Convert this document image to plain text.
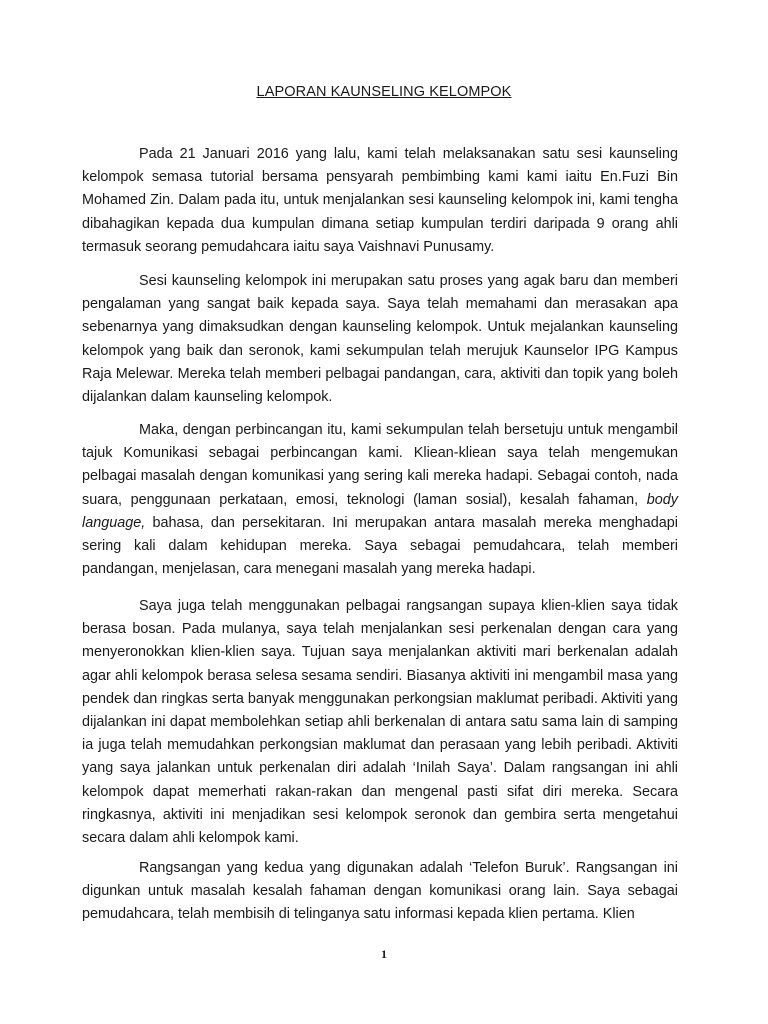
LAPORAN KAUNSELING KELOMPOK

Pada 21 Januari 2016 yang lalu, kami telah melaksanakan satu sesi kaunseling kelompok semasa tutorial bersama pensyarah pembimbing kami kami iaitu En.Fuzi Bin Mohamed Zin. Dalam pada itu, untuk menjalankan sesi kaunseling kelompok ini, kami tengha dibahagikan kepada dua kumpulan dimana setiap kumpulan terdiri daripada 9 orang ahli termasuk seorang pemudahcara iaitu saya Vaishnavi Punusamy.

Sesi kaunseling kelompok ini merupakan satu proses yang agak baru dan memberi pengalaman yang sangat baik kepada saya. Saya telah memahami dan merasakan apa sebenarnya yang dimaksudkan dengan kaunseling kelompok. Untuk mejalankan kaunseling kelompok yang baik dan seronok, kami sekumpulan telah merujuk Kaunselor IPG Kampus Raja Melewar. Mereka telah memberi pelbagai pandangan, cara, aktiviti dan topik yang boleh dijalankan dalam kaunseling kelompok.

Maka, dengan perbincangan itu, kami sekumpulan telah bersetuju untuk mengambil tajuk Komunikasi sebagai perbincangan kami. Kliean-kliean saya telah mengemukan pelbagai masalah dengan komunikasi yang sering kali mereka hadapi. Sebagai contoh, nada suara, penggunaan perkataan, emosi, teknologi (laman sosial), kesalah fahaman, body language, bahasa, dan persekitaran. Ini merupakan antara masalah mereka menghadapi sering kali dalam kehidupan mereka. Saya sebagai pemudahcara, telah memberi pandangan, menjelasan, cara menegani masalah yang mereka hadapi.

Saya juga telah menggunakan pelbagai rangsangan supaya klien-klien saya tidak berasa bosan. Pada mulanya, saya telah menjalankan sesi perkenalan dengan cara yang menyeronokkan klien-klien saya. Tujuan saya menjalankan aktiviti mari berkenalan adalah agar ahli kelompok berasa selesa sesama sendiri. Biasanya aktiviti ini mengambil masa yang pendek dan ringkas serta banyak menggunakan perkongsian maklumat peribadi. Aktiviti yang dijalankan ini dapat membolehkan setiap ahli berkenalan di antara satu sama lain di samping ia juga telah memudahkan perkongsian maklumat dan perasaan yang lebih peribadi. Aktiviti yang saya jalankan untuk perkenalan diri adalah ‘Inilah Saya’. Dalam rangsangan ini ahli kelompok dapat memerhati rakan-rakan dan mengenal pasti sifat diri mereka. Secara ringkasnya, aktiviti ini menjadikan sesi kelompok seronok dan gembira serta mengetahui secara dalam ahli kelompok kami.

Rangsangan yang kedua yang digunakan adalah ‘Telefon Buruk’. Rangsangan ini digunkan untuk masalah kesalah fahaman dengan komunikasi orang lain. Saya sebagai pemudahcara, telah membisih di telinganya satu informasi kepada klien pertama. Klien

1
